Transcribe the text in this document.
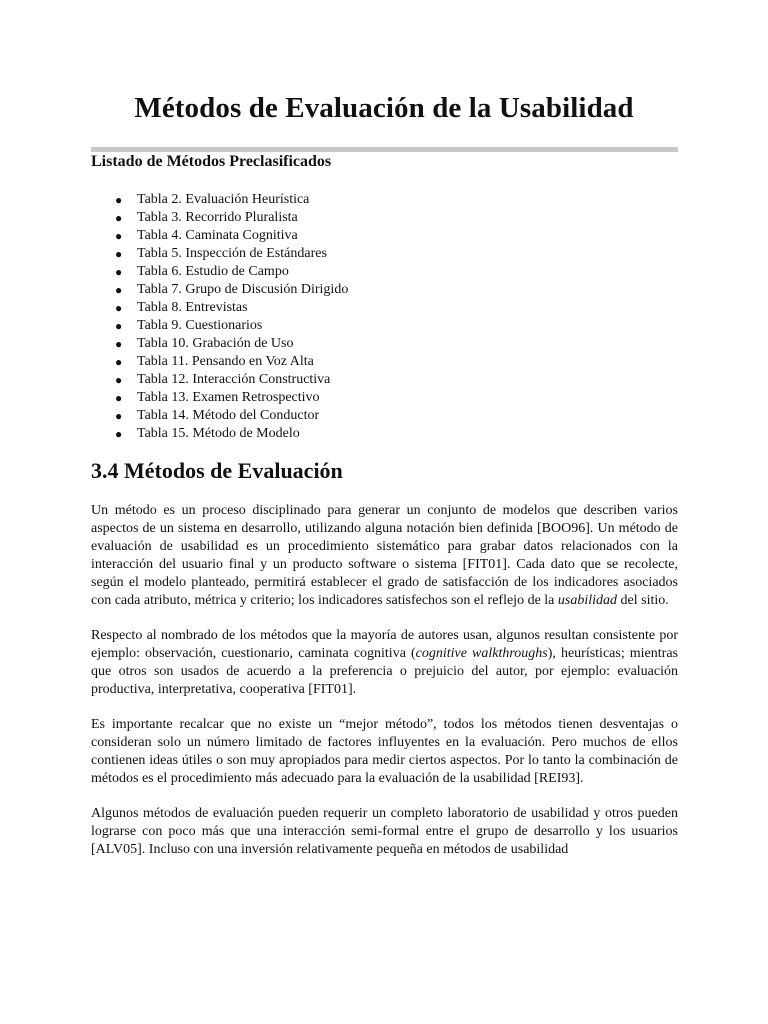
Métodos de Evaluación de la Usabilidad
Listado de Métodos Preclasificados
● Tabla 2. Evaluación Heurística
● Tabla 3. Recorrido Pluralista
● Tabla 4. Caminata Cognitiva
● Tabla 5. Inspección de Estándares
● Tabla 6. Estudio de Campo
● Tabla 7. Grupo de Discusión Dirigido
● Tabla 8. Entrevistas
● Tabla 9. Cuestionarios
● Tabla 10. Grabación de Uso
● Tabla 11. Pensando en Voz Alta
● Tabla 12. Interacción Constructiva
● Tabla 13. Examen Retrospectivo
● Tabla 14. Método del Conductor
● Tabla 15. Método de Modelo
3.4 Métodos de Evaluación

Un método es un proceso disciplinado para generar un conjunto de modelos que describen varios aspectos de un sistema en desarrollo, utilizando alguna notación bien definida [BOO96]. Un método de evaluación de usabilidad es un procedimiento sistemático para grabar datos relacionados con la interacción del usuario final y un producto software o sistema [FIT01]. Cada dato que se recolecte, según el modelo planteado, permitirá establecer el grado de satisfacción de los indicadores asociados con cada atributo, métrica y criterio; los indicadores satisfechos son el reflejo de la usabilidad del sitio.

Respecto al nombrado de los métodos que la mayoría de autores usan, algunos resultan consistente por ejemplo: observación, cuestionario, caminata cognitiva (cognitive walkthroughs), heurísticas; mientras que otros son usados de acuerdo a la preferencia o prejuicio del autor, por ejemplo: evaluación productiva, interpretativa, cooperativa [FIT01].

Es importante recalcar que no existe un “mejor método”, todos los métodos tienen desventajas o consideran solo un número limitado de factores influyentes en la evaluación. Pero muchos de ellos contienen ideas útiles o son muy apropiados para medir ciertos aspectos. Por lo tanto la combinación de métodos es el procedimiento más adecuado para la evaluación de la usabilidad [REI93].

Algunos métodos de evaluación pueden requerir un completo laboratorio de usabilidad y otros pueden lograrse con poco más que una interacción semi-formal entre el grupo de desarrollo y los usuarios [ALV05]. Incluso con una inversión relativamente pequeña en métodos de usabilidad
